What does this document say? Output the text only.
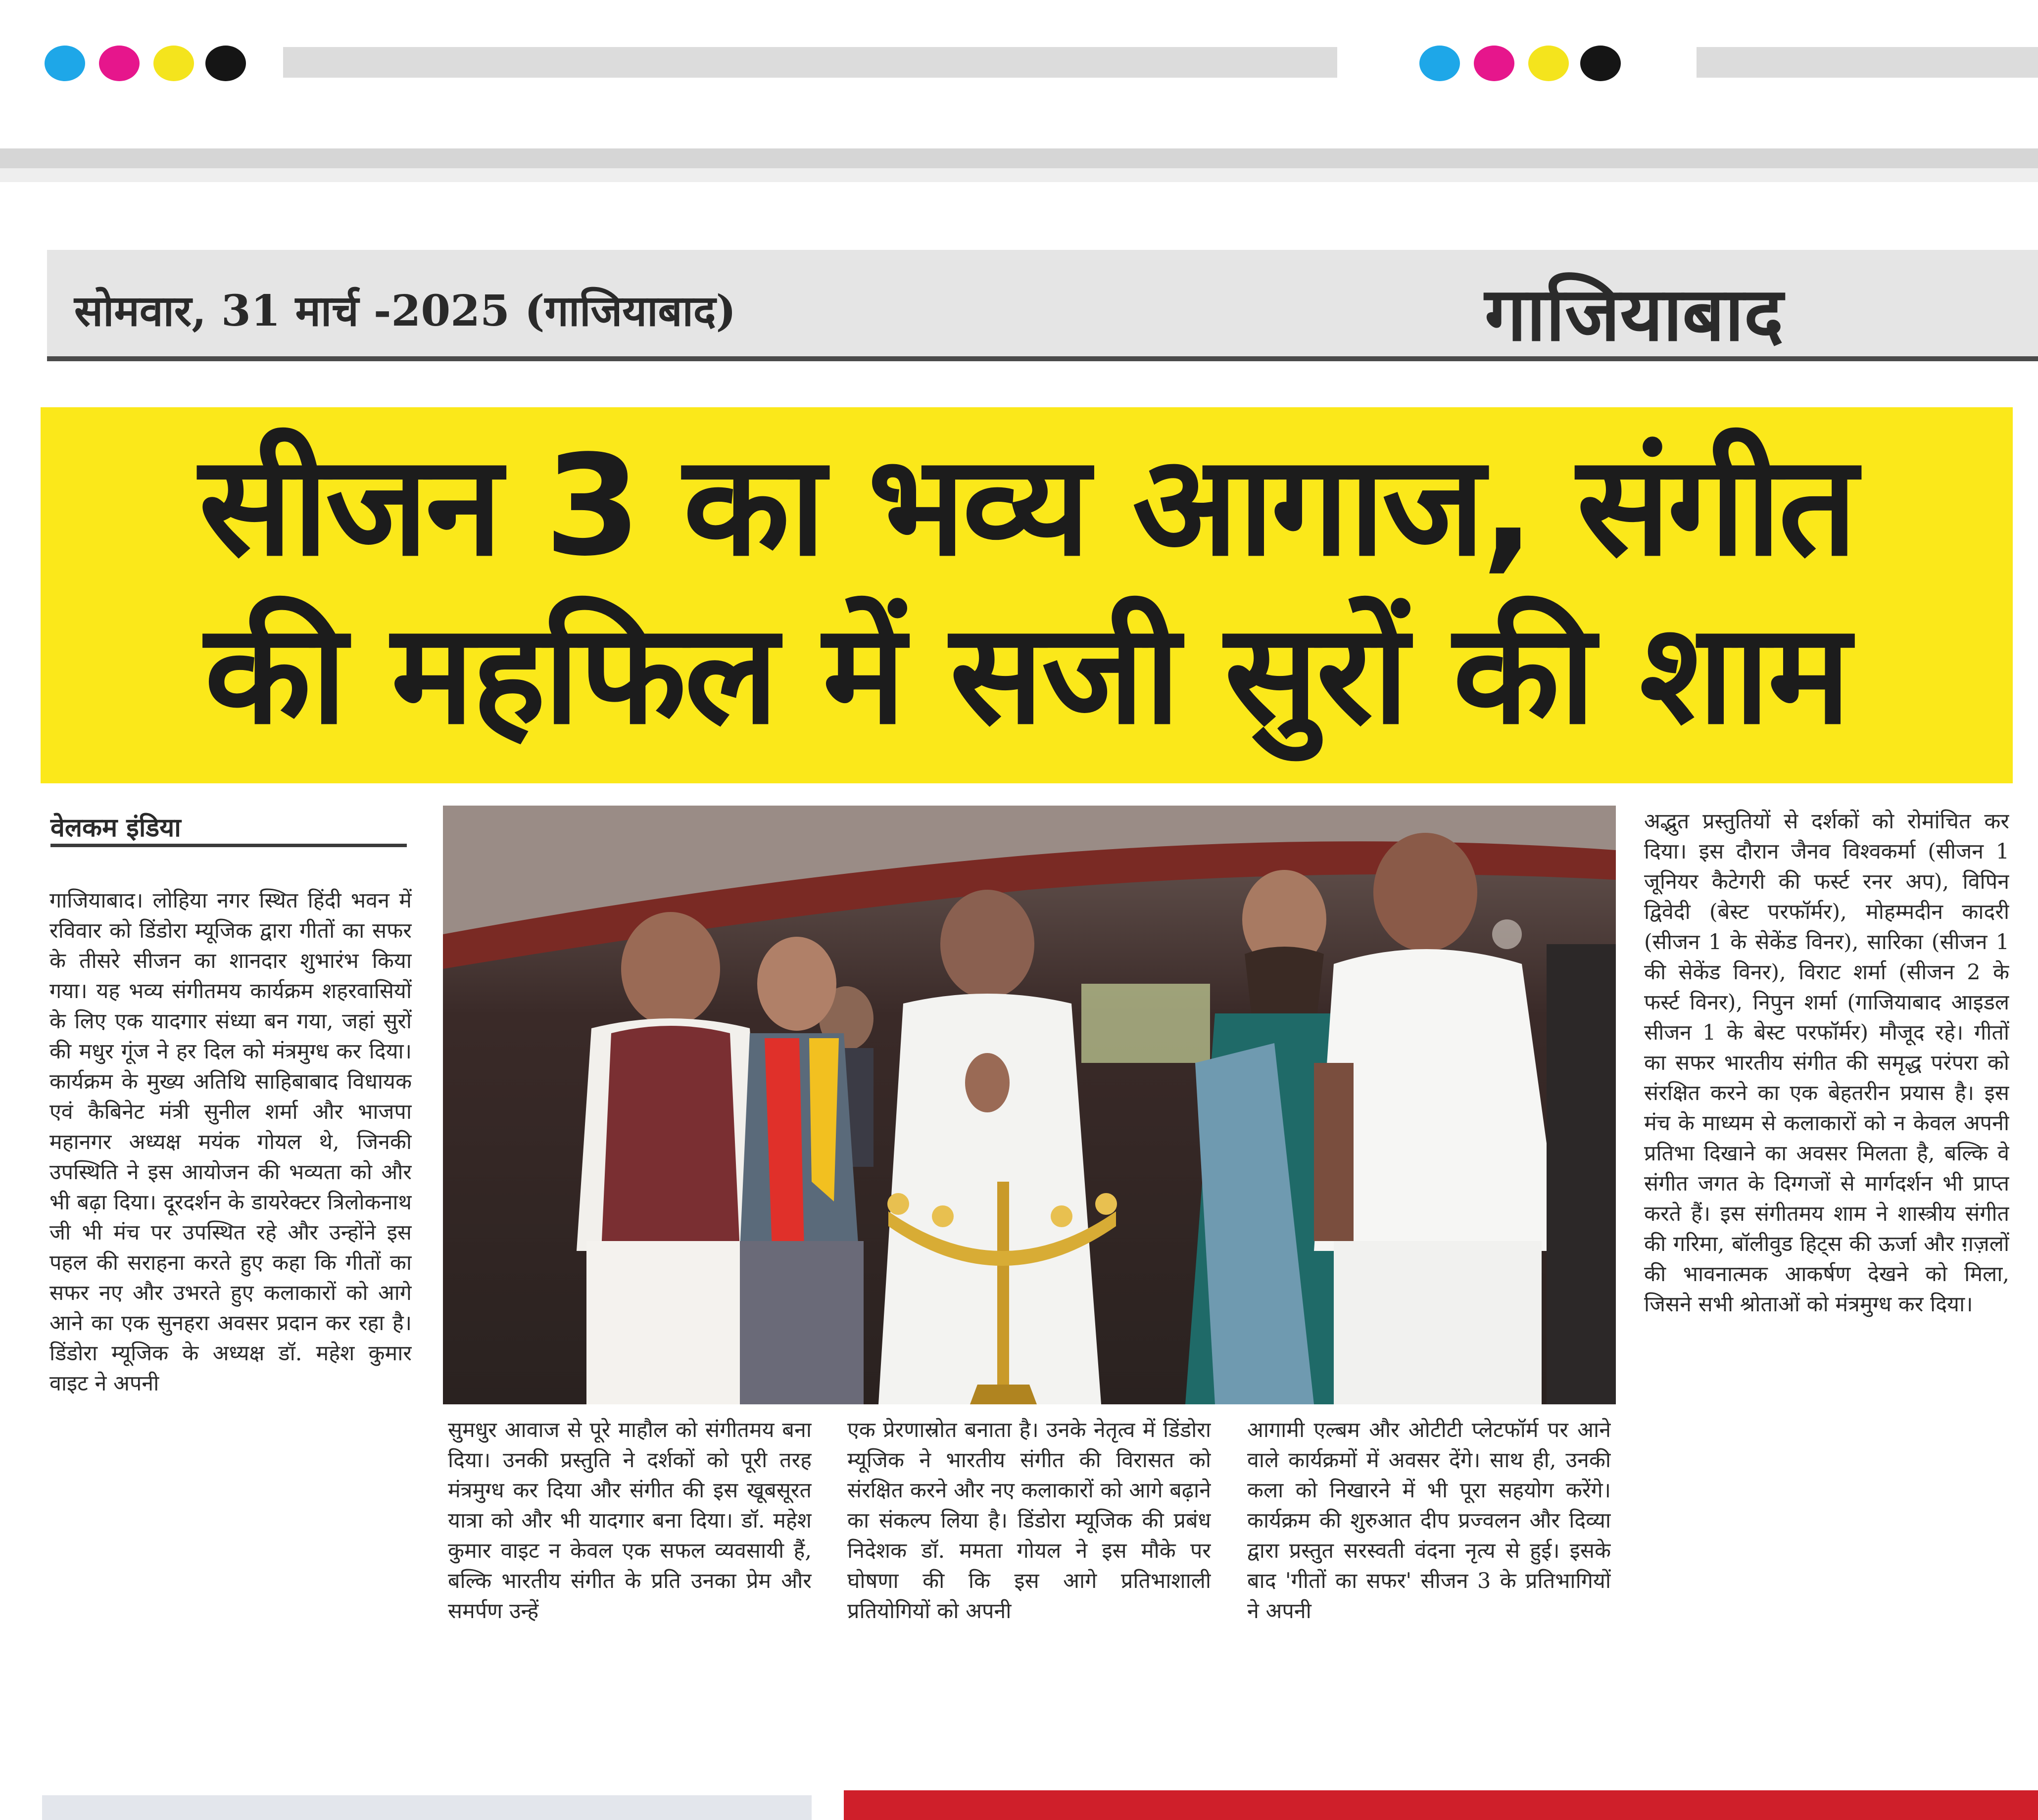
सोमवार, 31 मार्च -2025 (गाजियाबाद)	गाजियाबाद
सीजन 3 का भव्य आगाज, संगीत
की महफिल में सजी सुरों की शाम
वेलकम इंडिया
गाजियाबाद। लोहिया नगर स्थित हिंदी भवन में रविवार को डिंडोरा म्यूजिक द्वारा गीतों का सफर के तीसरे सीजन का शानदार शुभारंभ किया गया। यह भव्य संगीतमय कार्यक्रम शहरवासियों के लिए एक यादगार संध्या बन गया, जहां सुरों की मधुर गूंज ने हर दिल को मंत्रमुग्ध कर दिया। कार्यक्रम के मुख्य अतिथि साहिबाबाद विधायक एवं कैबिनेट मंत्री सुनील शर्मा और भाजपा महानगर अध्यक्ष मयंक गोयल थे, जिनकी उपस्थिति ने इस आयोजन की भव्यता को और भी बढ़ा दिया। दूरदर्शन के डायरेक्टर त्रिलोकनाथ जी भी मंच पर उपस्थित रहे और उन्होंने इस पहल की सराहना करते हुए कहा कि गीतों का सफर नए और उभरते हुए कलाकारों को आगे आने का एक सुनहरा अवसर प्रदान कर रहा है। डिंडोरा म्यूजिक के अध्यक्ष डॉ. महेश कुमार वाइट ने अपनी
सुमधुर आवाज से पूरे माहौल को संगीतमय बना दिया। उनकी प्रस्तुति ने दर्शकों को पूरी तरह मंत्रमुग्ध कर दिया और संगीत की इस खूबसूरत यात्रा को और भी यादगार बना दिया। डॉ. महेश कुमार वाइट न केवल एक सफल व्यवसायी हैं, बल्कि भारतीय संगीत के प्रति उनका प्रेम और समर्पण उन्हें
एक प्रेरणास्रोत बनाता है। उनके नेतृत्व में डिंडोरा म्यूजिक ने भारतीय संगीत की विरासत को संरक्षित करने और नए कलाकारों को आगे बढ़ाने का संकल्प लिया है। डिंडोरा म्यूजिक की प्रबंध निदेशक डॉ. ममता गोयल ने इस मौके पर घोषणा की कि इस आगे प्रतिभाशाली प्रतियोगियों को अपनी
आगामी एल्बम और ओटीटी प्लेटफॉर्म पर आने वाले कार्यक्रमों में अवसर देंगे। साथ ही, उनकी कला को निखारने में भी पूरा सहयोग करेंगे। कार्यक्रम की शुरुआत दीप प्रज्वलन और दिव्या द्वारा प्रस्तुत सरस्वती वंदना नृत्य से हुई। इसके बाद 'गीतों का सफर' सीजन 3 के प्रतिभागियों ने अपनी
अद्भुत प्रस्तुतियों से दर्शकों को रोमांचित कर दिया। इस दौरान जैनव विश्वकर्मा (सीजन 1 जूनियर कैटेगरी की फर्स्ट रनर अप), विपिन द्विवेदी (बेस्ट परफॉर्मर), मोहम्मदीन कादरी (सीजन 1 के सेकेंड विनर), सारिका (सीजन 1 की सेकेंड विनर), विराट शर्मा (सीजन 2 के फर्स्ट विनर), निपुन शर्मा (गाजियाबाद आइडल सीजन 1 के बेस्ट परफॉर्मर) मौजूद रहे। गीतों का सफर भारतीय संगीत की समृद्ध परंपरा को संरक्षित करने का एक बेहतरीन प्रयास है। इस मंच के माध्यम से कलाकारों को न केवल अपनी प्रतिभा दिखाने का अवसर मिलता है, बल्कि वे संगीत जगत के दिग्गजों से मार्गदर्शन भी प्राप्त करते हैं। इस संगीतमय शाम ने शास्त्रीय संगीत की गरिमा, बॉलीवुड हिट्स की ऊर्जा और ग़ज़लों की भावनात्मक आकर्षण देखने को मिला, जिसने सभी श्रोताओं को मंत्रमुग्ध कर दिया।
